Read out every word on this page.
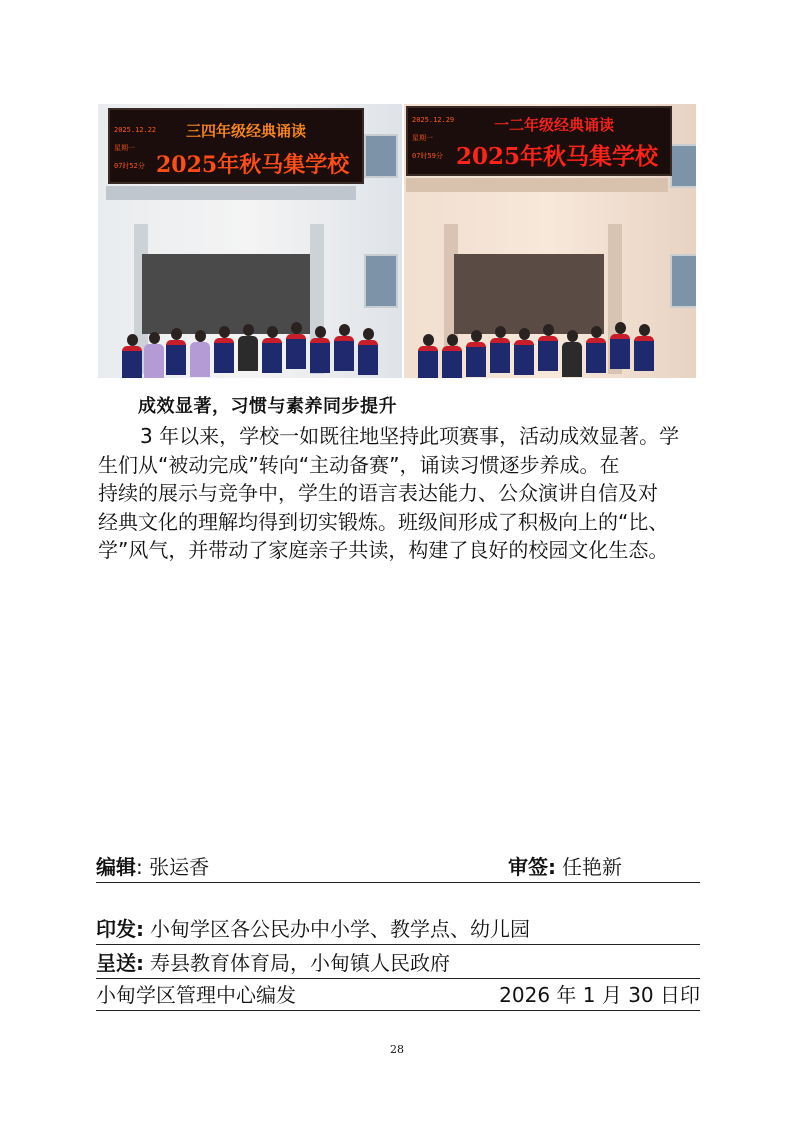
2025.12.22
星期一
07时52分
三四年级经典诵读
2025年秋马集学校
2025.12.29
星期一
07时59分
一二年级经典诵读
2025年秋马集学校
成效显著，习惯与素养同步提升
3 年以来，学校一如既往地坚持此项赛事，活动成效显著。学
生们从“被动完成”转向“主动备赛”，诵读习惯逐步养成。在
持续的展示与竞争中，学生的语言表达能力、公众演讲自信及对
经典文化的理解均得到切实锻炼。班级间形成了积极向上的“比、
学”风气，并带动了家庭亲子共读，构建了良好的校园文化生态。
编辑: 张运香	审签: 任艳新
印发: 小甸学区各公民办中小学、教学点、幼儿园
呈送: 寿县教育体育局，小甸镇人民政府
小甸学区管理中心编发	2026 年 1 月 30 日印
28
